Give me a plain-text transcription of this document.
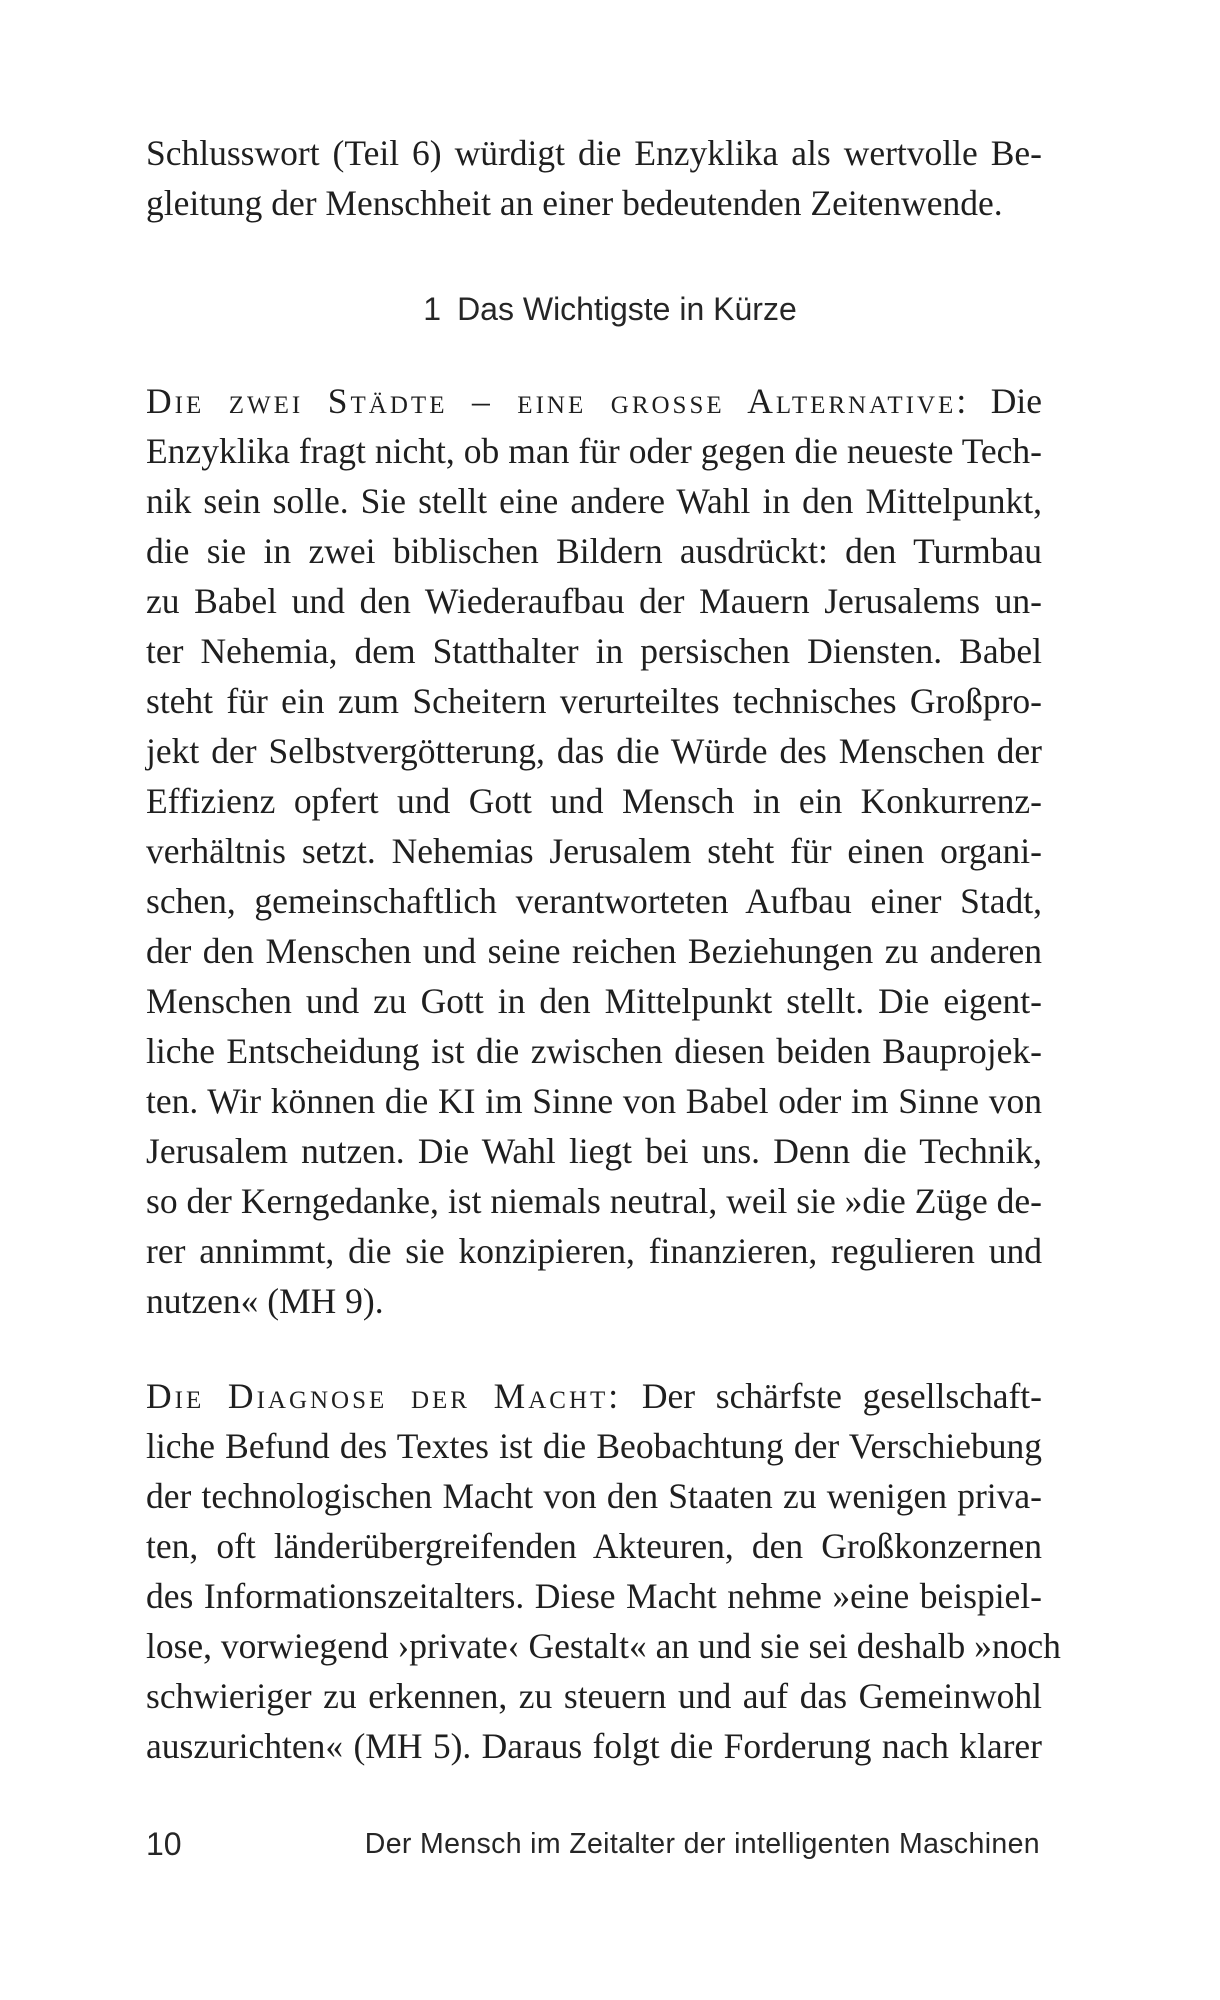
Schlusswort (Teil 6) würdigt die Enzyklika als wertvolle Be-
gleitung der Menschheit an einer bedeutenden Zeitenwende.
1 Das Wichtigste in Kürze
Die zwei Städte – eine grosse Alternative: Die
Enzyklika fragt nicht, ob man für oder gegen die neueste Tech-
nik sein solle. Sie stellt eine andere Wahl in den Mittelpunkt,
die sie in zwei biblischen Bildern ausdrückt: den Turmbau
zu Babel und den Wiederaufbau der Mauern Jerusalems un-
ter Nehemia, dem Statthalter in persischen Diensten. Babel
steht für ein zum Scheitern verurteiltes technisches Großpro-
jekt der Selbstvergötterung, das die Würde des Menschen der
Effizienz opfert und Gott und Mensch in ein Konkurrenz-
verhältnis setzt. Nehemias Jerusalem steht für einen organi-
schen, gemeinschaftlich verantworteten Aufbau einer Stadt,
der den Menschen und seine reichen Beziehungen zu anderen
Menschen und zu Gott in den Mittelpunkt stellt. Die eigent-
liche Entscheidung ist die zwischen diesen beiden Bauprojek-
ten. Wir können die KI im Sinne von Babel oder im Sinne von
Jerusalem nutzen. Die Wahl liegt bei uns. Denn die Technik,
so der Kerngedanke, ist niemals neutral, weil sie »die Züge de-
rer annimmt, die sie konzipieren, finanzieren, regulieren und
nutzen« (MH 9).
Die Diagnose der Macht: Der schärfste gesellschaft-
liche Befund des Textes ist die Beobachtung der Verschiebung
der technologischen Macht von den Staaten zu wenigen priva-
ten, oft länderübergreifenden Akteuren, den Großkonzernen
des Informationszeitalters. Diese Macht nehme »eine beispiel-
lose, vorwiegend ›private‹ Gestalt« an und sie sei deshalb »noch
schwieriger zu erkennen, zu steuern und auf das Gemeinwohl
auszurichten« (MH 5). Daraus folgt die Forderung nach klarer
10	Der Mensch im Zeitalter der intelligenten Maschinen
